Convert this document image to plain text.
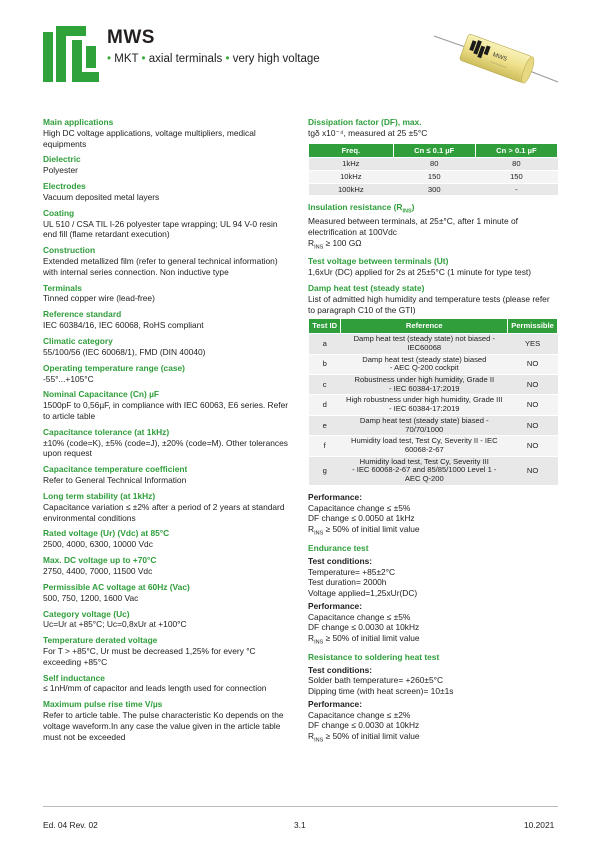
MWS
• MKT • axial terminals • very high voltage	MWS
─ ─ ─ ─ ─ ─
Main applications
High DC voltage applications, voltage multipliers, medical equipments
Dielectric
Polyester
Electrodes
Vacuum deposited metal layers
Coating
UL 510 / CSA TIL I-26 polyester tape wrapping; UL 94 V-0 resin end fill (flame retardant execution)
Construction
Extended metallized film (refer to general technical information) with internal series connection. Non inductive type
Terminals
Tinned copper wire (lead-free)
Reference standard
IEC 60384/16, IEC 60068, RoHS compliant
Climatic category
55/100/56 (IEC 60068/1), FMD (DIN 40040)
Operating temperature range (case)
-55°...+105°C
Nominal Capacitance (Cn) µF
1500pF to 0,56µF, in compliance with IEC 60063, E6 series. Refer to article table
Capacitance tolerance (at 1kHz)
±10% (code=K), ±5% (code=J), ±20% (code=M). Other tolerances upon request
Capacitance temperature coefficient
Refer to General Technical Information
Long term stability (at 1kHz)
Capacitance variation ≤ ±2% after a period of 2 years at standard environmental conditions
Rated voltage (Ur) (Vdc) at 85°C
2500, 4000, 6300, 10000 Vdc
Max. DC voltage up to +70°C
2750, 4400, 7000, 11500 Vdc
Permissible AC voltage at 60Hz (Vac)
500, 750, 1200, 1600 Vac
Category voltage (Uc)
Uc=Ur at +85°C; Uc=0,8xUr at +100°C
Temperature derated voltage
For T > +85°C, Ur must be decreased 1,25% for every °C exceeding +85°C
Self inductance
≤ 1nH/mm of capacitor and leads length used for connection
Maximum pulse rise time V/µs
Refer to article table. The pulse characteristic Ko depends on the voltage waveform.In any case the value given in the article table must not be exceeded
Dissipation factor (DF), max.
tgδ x10⁻⁴, measured at 25 ±5°C
Freq.	Cn ≤ 0.1 µF	Cn > 0.1 µF
1kHz	80	80
10kHz	150	150
100kHz	300	-
Insulation resistance $(R_{INS})$
Measured between terminals, at 25±°C, after 1 minute of electrification at 100Vdc
$R_{INS} \ge 100$ GΩ
Test voltage between terminals (Ut)
1,6xUr (DC) applied for 2s at 25±5°C (1 minute for type test)
Damp heat test (steady state)
List of admitted high humidity and temperature tests (please refer to paragraph C10 of the GTI)
Test ID	Reference	Permissible
a	Damp heat test (steady state) not biased - IEC60068	YES
b	Damp heat test (steady state) biased
- AEC Q-200 cockpit	NO
c	Robustness under high humidity, Grade II
- IEC 60384-17:2019	NO
d	High robustness under high humidity, Grade III
- IEC 60384-17:2019	NO
e	Damp heat test (steady state) biased - 70/70/1000	NO
f	Humidity load test, Test Cy, Severity II - IEC 60068-2-67	NO
g	Humidity load test, Test Cy, Severity III
- IEC 60068-2-67 and 85/85/1000 Level 1 - AEC Q-200	NO
Performance:
Capacitance change ≤ ±5%
DF change ≤ 0.0050 at 1kHz
$R_{INS} \ge 50\%$ of initial limit value
Endurance test
Test conditions:
Temperature= +85±2°C
Test duration= 2000h
Voltage applied=1,25xUr(DC)
Performance:
Capacitance change ≤ ±5%
DF change ≤ 0.0030 at 10kHz
$R_{INS} \ge 50\%$ of initial limit value
Resistance to soldering heat test
Test conditions:
Solder bath temperature= +260±5°C
Dipping time (with heat screen)= 10±1s
Performance:
Capacitance change ≤ ±2%
DF change ≤ 0.0030 at 10kHz
$R_{INS} \ge 50\%$ of initial limit value
Ed. 04 Rev. 02	3.1	10.2021
